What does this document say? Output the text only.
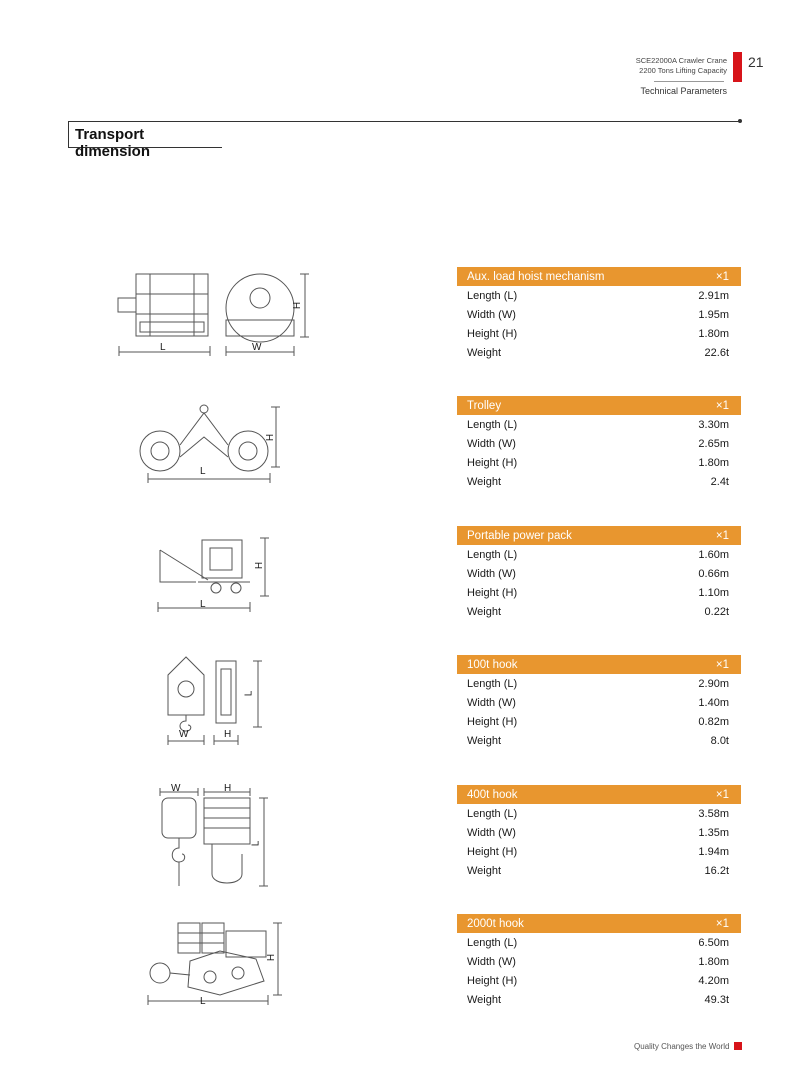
SCE22000A Crawler Crane
2200 Tons Lifting Capacity
Technical Parameters
21
Transport dimension
L	W
H
L
H
L
H
W	H
L
W	H
L
L
H
Aux. load hoist mechanism	×1
Length (L)	2.91m
Width (W)	1.95m
Height (H)	1.80m
Weight	22.6t
Trolley	×1
Length (L)	3.30m
Width (W)	2.65m
Height (H)	1.80m
Weight	2.4t
Portable power pack	×1
Length (L)	1.60m
Width (W)	0.66m
Height (H)	1.10m
Weight	0.22t
100t hook	×1
Length (L)	2.90m
Width (W)	1.40m
Height (H)	0.82m
Weight	8.0t
400t hook	×1
Length (L)	3.58m
Width (W)	1.35m
Height (H)	1.94m
Weight	16.2t
2000t hook	×1
Length (L)	6.50m
Width (W)	1.80m
Height (H)	4.20m
Weight	49.3t
Quality Changes the World
